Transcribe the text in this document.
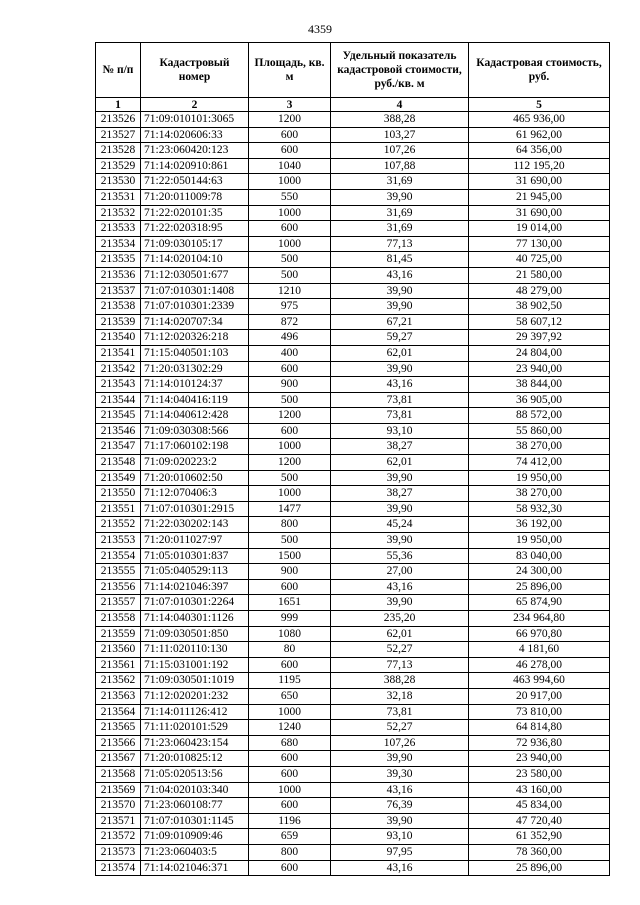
4359
№ п/п	Кадастровый номер	Площадь, кв. м	Удельный показатель кадастровой стоимости, руб./кв. м	Кадастровая стоимость, руб.
1	2	3	4	5
213526	71:09:010101:3065	1200	388,28	465 936,00
213527	71:14:020606:33	600	103,27	61 962,00
213528	71:23:060420:123	600	107,26	64 356,00
213529	71:14:020910:861	1040	107,88	112 195,20
213530	71:22:050144:63	1000	31,69	31 690,00
213531	71:20:011009:78	550	39,90	21 945,00
213532	71:22:020101:35	1000	31,69	31 690,00
213533	71:22:020318:95	600	31,69	19 014,00
213534	71:09:030105:17	1000	77,13	77 130,00
213535	71:14:020104:10	500	81,45	40 725,00
213536	71:12:030501:677	500	43,16	21 580,00
213537	71:07:010301:1408	1210	39,90	48 279,00
213538	71:07:010301:2339	975	39,90	38 902,50
213539	71:14:020707:34	872	67,21	58 607,12
213540	71:12:020326:218	496	59,27	29 397,92
213541	71:15:040501:103	400	62,01	24 804,00
213542	71:20:031302:29	600	39,90	23 940,00
213543	71:14:010124:37	900	43,16	38 844,00
213544	71:14:040416:119	500	73,81	36 905,00
213545	71:14:040612:428	1200	73,81	88 572,00
213546	71:09:030308:566	600	93,10	55 860,00
213547	71:17:060102:198	1000	38,27	38 270,00
213548	71:09:020223:2	1200	62,01	74 412,00
213549	71:20:010602:50	500	39,90	19 950,00
213550	71:12:070406:3	1000	38,27	38 270,00
213551	71:07:010301:2915	1477	39,90	58 932,30
213552	71:22:030202:143	800	45,24	36 192,00
213553	71:20:011027:97	500	39,90	19 950,00
213554	71:05:010301:837	1500	55,36	83 040,00
213555	71:05:040529:113	900	27,00	24 300,00
213556	71:14:021046:397	600	43,16	25 896,00
213557	71:07:010301:2264	1651	39,90	65 874,90
213558	71:14:040301:1126	999	235,20	234 964,80
213559	71:09:030501:850	1080	62,01	66 970,80
213560	71:11:020110:130	80	52,27	4 181,60
213561	71:15:031001:192	600	77,13	46 278,00
213562	71:09:030501:1019	1195	388,28	463 994,60
213563	71:12:020201:232	650	32,18	20 917,00
213564	71:14:011126:412	1000	73,81	73 810,00
213565	71:11:020101:529	1240	52,27	64 814,80
213566	71:23:060423:154	680	107,26	72 936,80
213567	71:20:010825:12	600	39,90	23 940,00
213568	71:05:020513:56	600	39,30	23 580,00
213569	71:04:020103:340	1000	43,16	43 160,00
213570	71:23:060108:77	600	76,39	45 834,00
213571	71:07:010301:1145	1196	39,90	47 720,40
213572	71:09:010909:46	659	93,10	61 352,90
213573	71:23:060403:5	800	97,95	78 360,00
213574	71:14:021046:371	600	43,16	25 896,00
